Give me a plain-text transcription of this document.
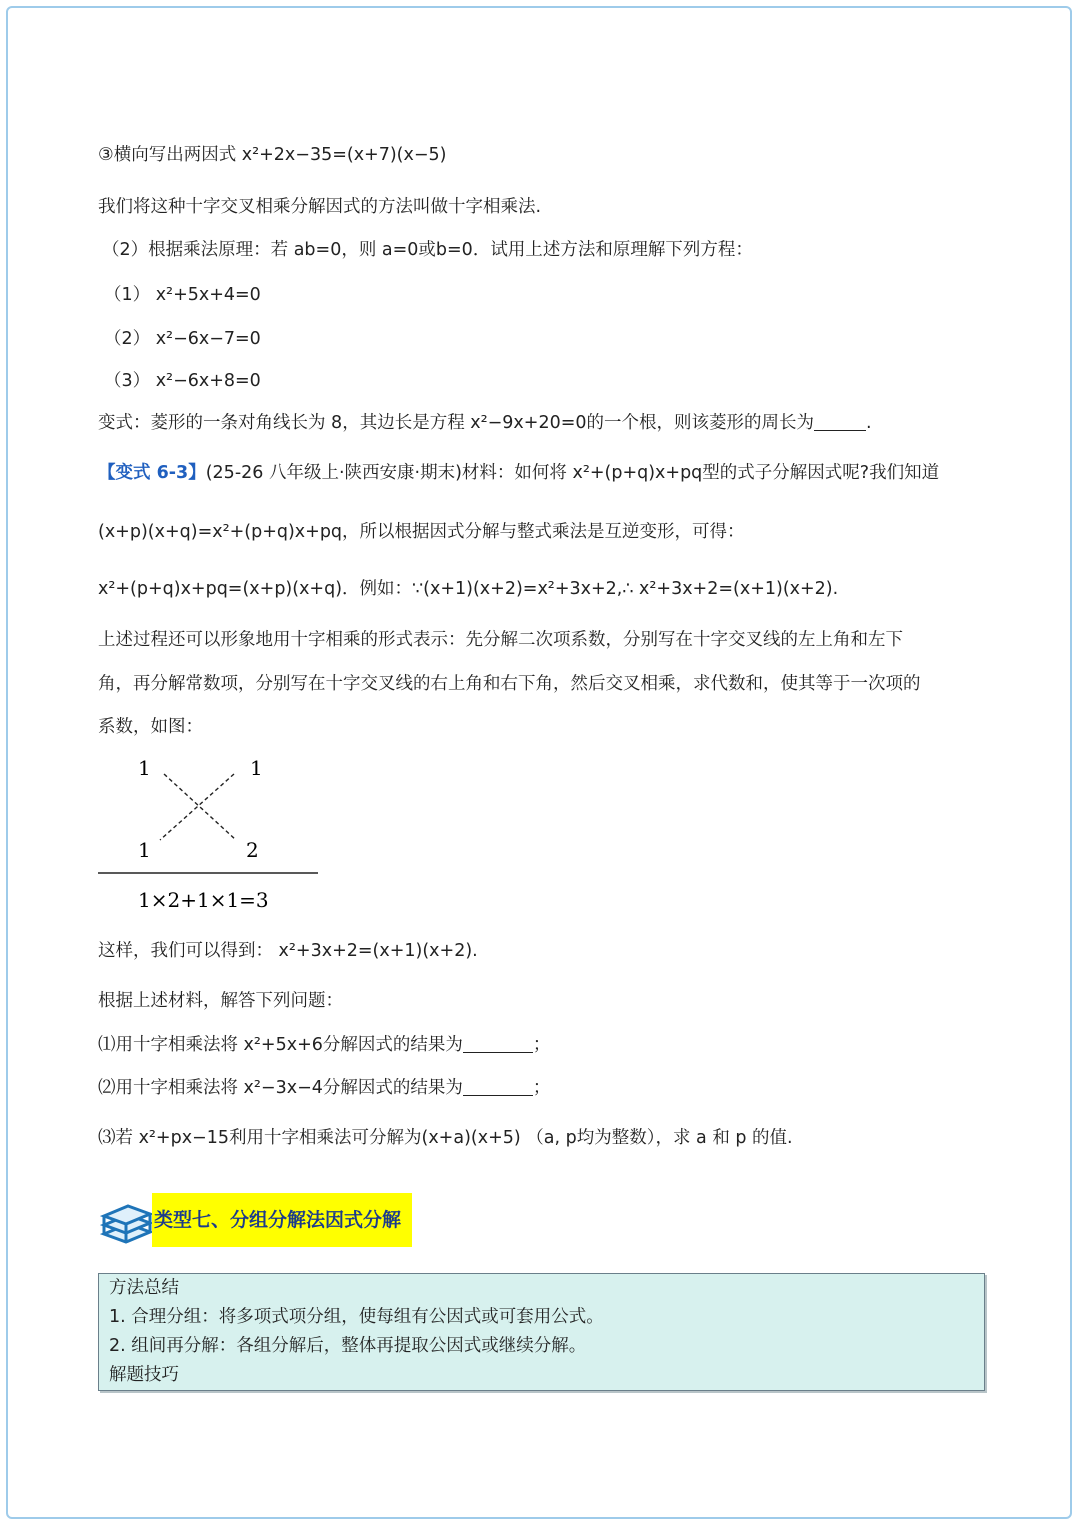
③横向写出两因式 x²+2x−35=(x+7)(x−5)
我们将这种十字交叉相乘分解因式的方法叫做十字相乘法.
（2）根据乘法原理：若 ab=0，则 a=0或b=0．试用上述方法和原理解下列方程：
（1） x²+5x+4=0
（2） x²−6x−7=0
（3） x²−6x+8=0
变式：菱形的一条对角线长为 8，其边长是方程 x²−9x+20=0的一个根，则该菱形的周长为	.
【变式 6-3】(25-26 八年级上·陕西安康·期末)材料：如何将 x²+(p+q)x+pq型的式子分解因式呢?我们知道
(x+p)(x+q)=x²+(p+q)x+pq，所以根据因式分解与整式乘法是互逆变形，可得：
x²+(p+q)x+pq=(x+p)(x+q)．例如：∵(x+1)(x+2)=x²+3x+2,∴ x²+3x+2=(x+1)(x+2).
上述过程还可以形象地用十字相乘的形式表示：先分解二次项系数，分别写在十字交叉线的左上角和左下
角，再分解常数项，分别写在十字交叉线的右上角和右下角，然后交叉相乘，求代数和，使其等于一次项的
系数，如图：
1	1
1	2
1×2+1×1=3
这样，我们可以得到： x²+3x+2=(x+1)(x+2).
根据上述材料，解答下列问题：
⑴用十字相乘法将 x²+5x+6分解因式的结果为	；
⑵用十字相乘法将 x²−3x−4分解因式的结果为	；
⑶若 x²+px−15利用十字相乘法可分解为(x+a)(x+5) （a, p均为整数），求 a 和 p 的值.
类型七、分组分解法因式分解
方法总结
1. 合理分组：将多项式项分组，使每组有公因式或可套用公式。
2. 组间再分解：各组分解后，整体再提取公因式或继续分解。
解题技巧
